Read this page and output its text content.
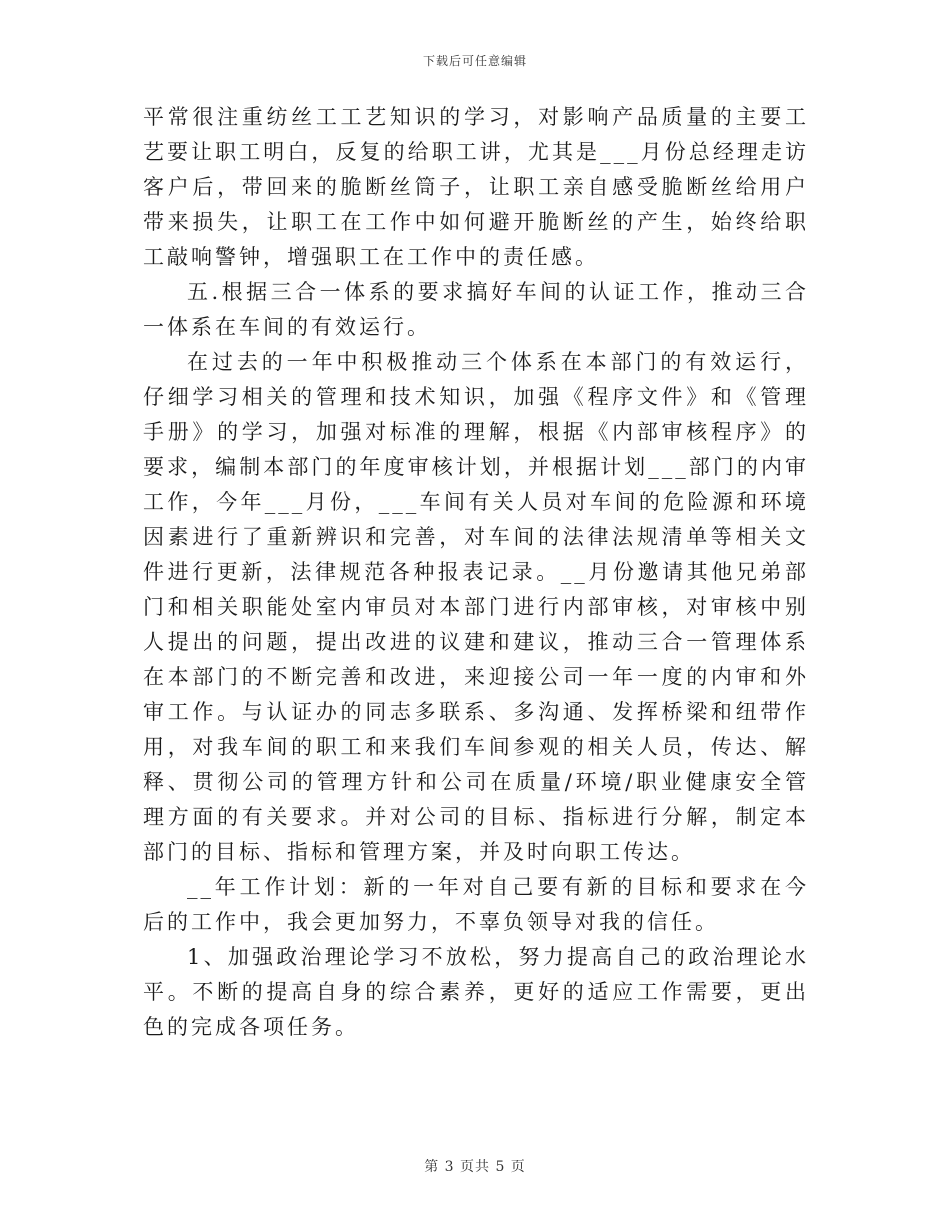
下载后可任意编辑

平常很注重纺丝工工艺知识的学习，对影响产品质量的主要工艺要让职工明白，反复的给职工讲，尤其是___月份总经理走访客户后，带回来的脆断丝筒子，让职工亲自感受脆断丝给用户带来损失，让职工在工作中如何避开脆断丝的产生，始终给职工敲响警钟，增强职工在工作中的责任感。

五.根据三合一体系的要求搞好车间的认证工作，推动三合一体系在车间的有效运行。

在过去的一年中积极推动三个体系在本部门的有效运行，仔细学习相关的管理和技术知识，加强《程序文件》和《管理手册》的学习，加强对标准的理解，根据《内部审核程序》的要求，编制本部门的年度审核计划，并根据计划___部门的内审工作，今年___月份，___车间有关人员对车间的危险源和环境因素进行了重新辨识和完善，对车间的法律法规清单等相关文件进行更新，法律规范各种报表记录。__月份邀请其他兄弟部门和相关职能处室内审员对本部门进行内部审核，对审核中别人提出的问题，提出改进的议建和建议，推动三合一管理体系在本部门的不断完善和改进，来迎接公司一年一度的内审和外审工作。与认证办的同志多联系、多沟通、发挥桥梁和纽带作用，对我车间的职工和来我们车间参观的相关人员，传达、解释、贯彻公司的管理方针和公司在质量/环境/职业健康安全管理方面的有关要求。并对公司的目标、指标进行分解，制定本部门的目标、指标和管理方案，并及时向职工传达。

__年工作计划：新的一年对自己要有新的目标和要求在今后的工作中，我会更加努力，不辜负领导对我的信任。

1、加强政治理论学习不放松，努力提高自己的政治理论水平。不断的提高自身的综合素养，更好的适应工作需要，更出色的完成各项任务。

第 3 页共 5 页
